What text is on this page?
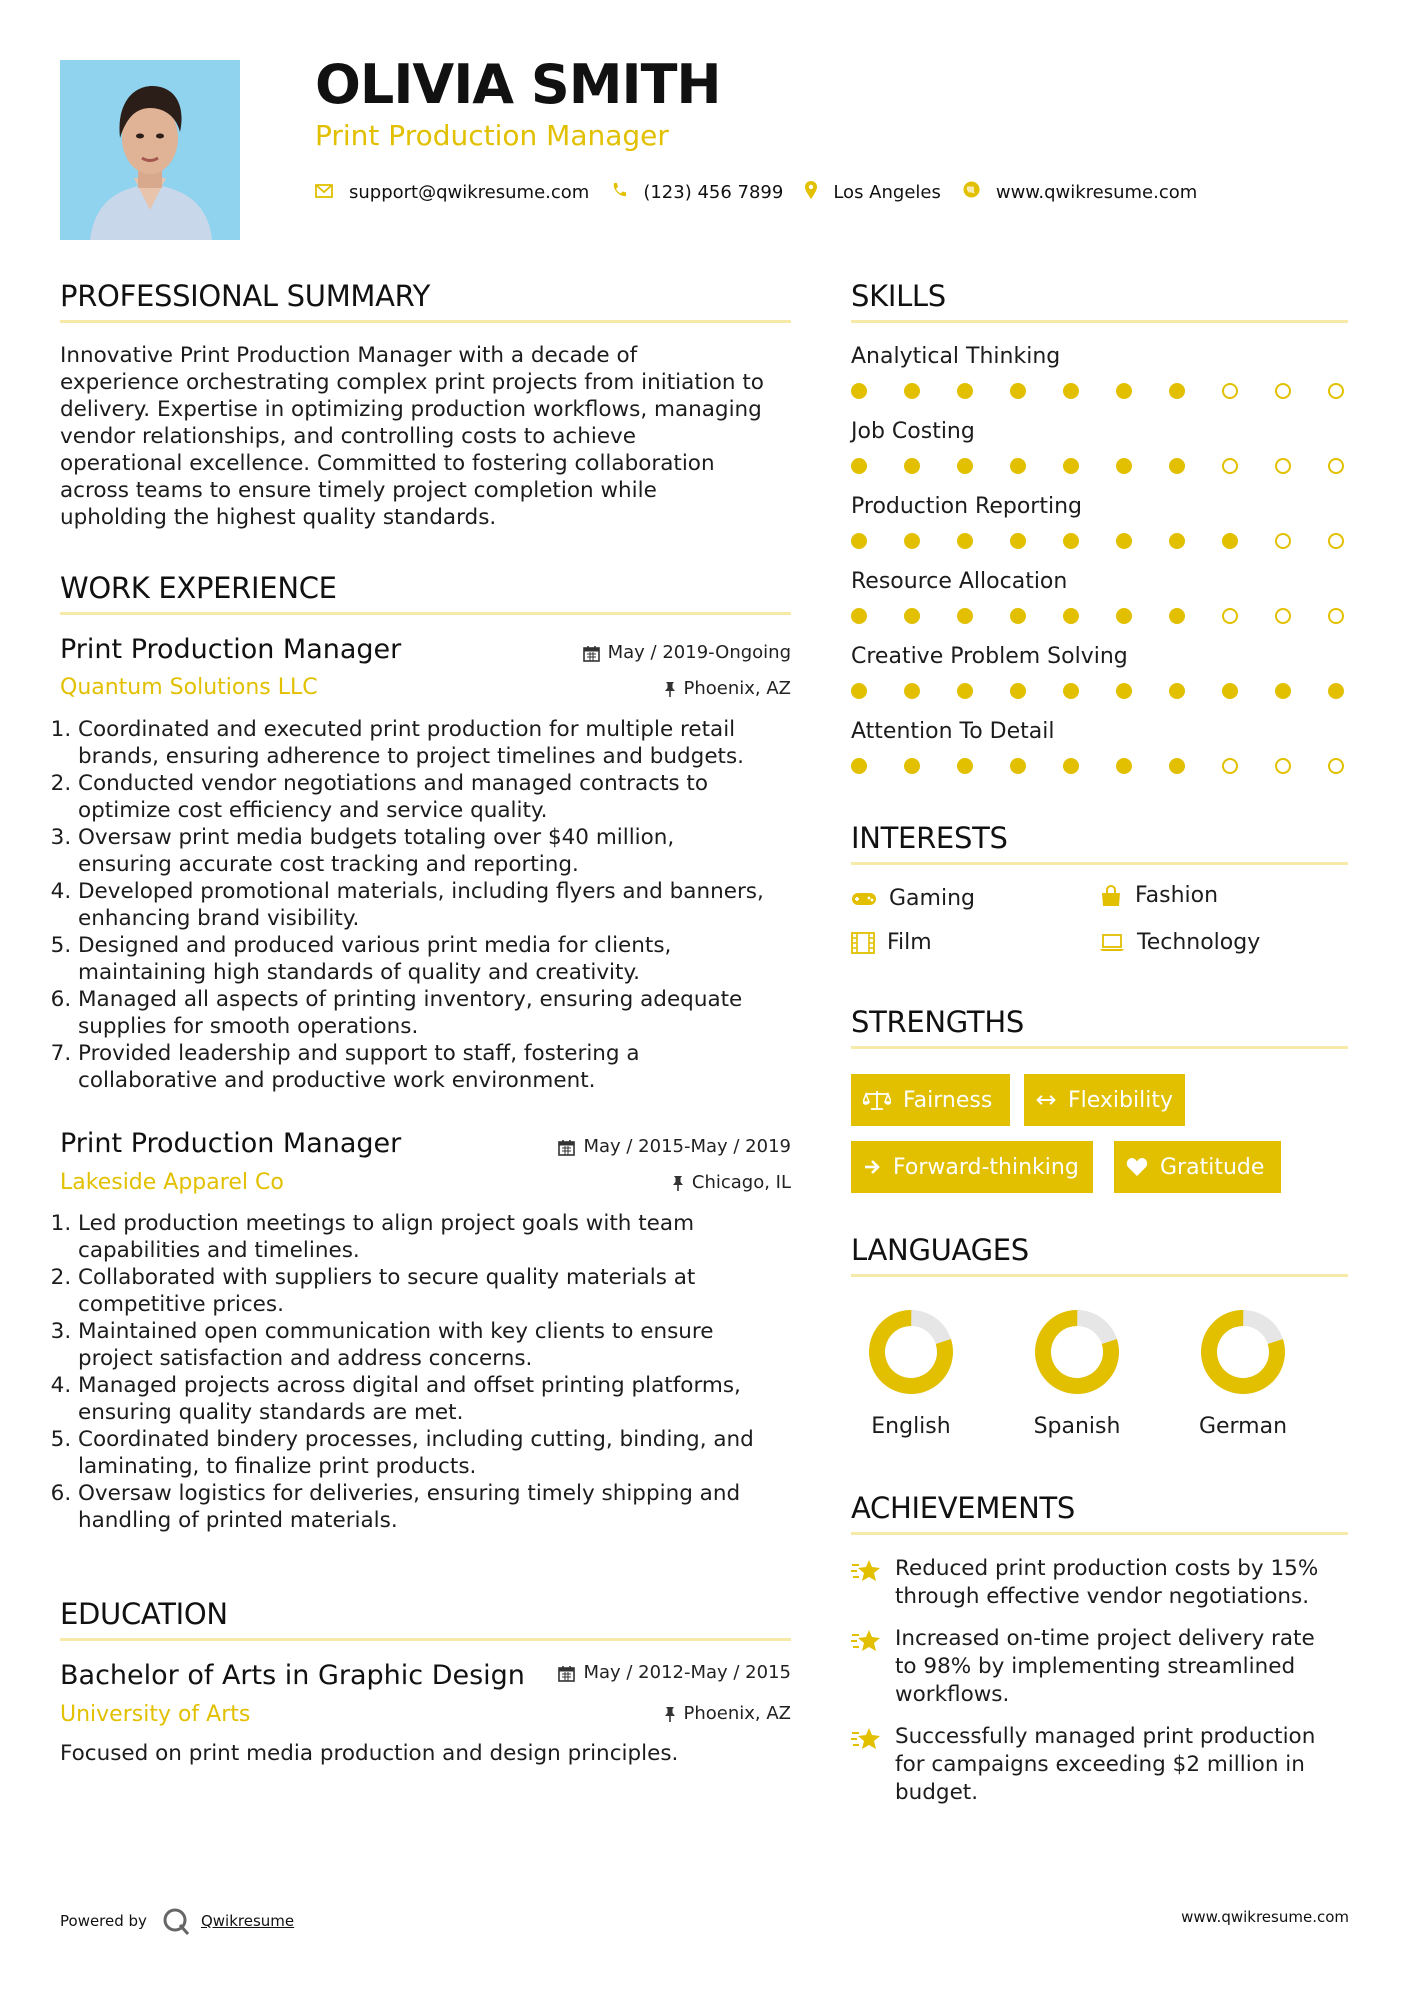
OLIVIA SMITH
Print Production Manager
support@qwikresume.com	(123) 456 7899	Los Angeles	www.qwikresume.com
PROFESSIONAL SUMMARY
Innovative Print Production Manager with a decade of
experience orchestrating complex print projects from initiation to
delivery. Expertise in optimizing production workflows, managing
vendor relationships, and controlling costs to achieve
operational excellence. Committed to fostering collaboration
across teams to ensure timely project completion while
upholding the highest quality standards.
WORK EXPERIENCE
Print Production Manager	May / 2019-Ongoing
Quantum Solutions LLC	Phoenix, AZ
1. Coordinated and executed print production for multiple retail
brands, ensuring adherence to project timelines and budgets.
2. Conducted vendor negotiations and managed contracts to
optimize cost efficiency and service quality.
3. Oversaw print media budgets totaling over $40 million,
ensuring accurate cost tracking and reporting.
4. Developed promotional materials, including flyers and banners,
enhancing brand visibility.
5. Designed and produced various print media for clients,
maintaining high standards of quality and creativity.
6. Managed all aspects of printing inventory, ensuring adequate
supplies for smooth operations.
7. Provided leadership and support to staff, fostering a
collaborative and productive work environment.
Print Production Manager	May / 2015-May / 2019
Lakeside Apparel Co	Chicago, IL
1. Led production meetings to align project goals with team
capabilities and timelines.
2. Collaborated with suppliers to secure quality materials at
competitive prices.
3. Maintained open communication with key clients to ensure
project satisfaction and address concerns.
4. Managed projects across digital and offset printing platforms,
ensuring quality standards are met.
5. Coordinated bindery processes, including cutting, binding, and
laminating, to finalize print products.
6. Oversaw logistics for deliveries, ensuring timely shipping and
handling of printed materials.
EDUCATION
Bachelor of Arts in Graphic Design	May / 2012-May / 2015
University of Arts	Phoenix, AZ
Focused on print media production and design principles.
SKILLS
Analytical Thinking
Job Costing
Production Reporting
Resource Allocation
Creative Problem Solving
Attention To Detail
INTERESTS
Gaming	Fashion
Film	Technology
STRENGTHS
Fairness	Flexibility
Forward-thinking	Gratitude
LANGUAGES
English	Spanish	German
ACHIEVEMENTS
Reduced print production costs by 15%
through effective vendor negotiations.
Increased on-time project delivery rate
to 98% by implementing streamlined
workflows.
Successfully managed print production
for campaigns exceeding $2 million in
budget.
Powered by	Qwikresume	www.qwikresume.com
